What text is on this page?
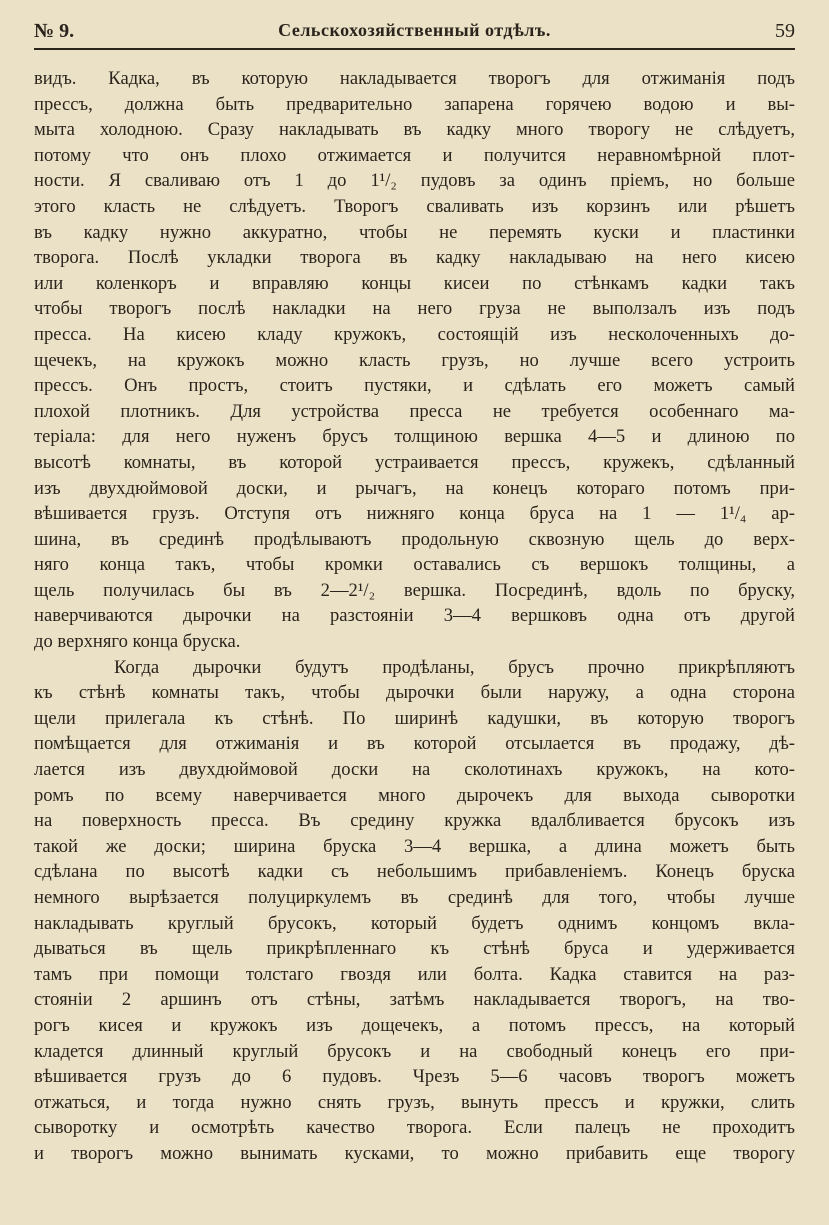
№ 9.	Сельскохозяйственный отдѣлъ.	59
видъ. Кадка, въ которую накладывается творогъ для отжиманія подъ
прессъ, должна быть предварительно запарена горячею водою и вы-
мыта холодною. Сразу накладывать въ кадку много творогу не слѣдуетъ,
потому что онъ плохо отжимается и получится неравномѣрной плот-
ности. Я сваливаю отъ 1 до 1¹/₂ пудовъ за одинъ пріемъ, но больше
этого класть не слѣдуетъ. Творогъ сваливать изъ корзинъ или рѣшетъ
въ кадку нужно аккуратно, чтобы не перемять куски и пластинки
творога. Послѣ укладки творога въ кадку накладываю на него кисею
или коленкоръ и вправляю концы кисеи по стѣнкамъ кадки такъ
чтобы творогъ послѣ накладки на него груза не выползалъ изъ подъ
пресса. На кисею кладу кружокъ, состоящій изъ несколоченныхъ до-
щечекъ, на кружокъ можно класть грузъ, но лучше всего устроить
прессъ. Онъ простъ, стоитъ пустяки, и сдѣлать его можетъ самый
плохой плотникъ. Для устройства пресса не требуется особеннаго ма-
теріала: для него нуженъ брусъ толщиною вершка 4—5 и длиною по
высотѣ комнаты, въ которой устраивается прессъ, кружекъ, сдѣланный
изъ двухдюймовой доски, и рычагъ, на конецъ котораго потомъ при-
вѣшивается грузъ. Отступя отъ нижняго конца бруса на 1 — 1¹/₄ ар-
шина, въ срединѣ продѣлываютъ продольную сквозную щель до верх-
няго конца такъ, чтобы кромки оставались съ вершокъ толщины, а
щель получилась бы въ 2—2¹/₂ вершка. Посрединѣ, вдоль по бруску,
наверчиваются дырочки на разстояніи 3—4 вершковъ одна отъ другой
до верхняго конца бруска.
Когда дырочки будутъ продѣланы, брусъ прочно прикрѣпляютъ
къ стѣнѣ комнаты такъ, чтобы дырочки были наружу, а одна сторона
щели прилегала къ стѣнѣ. По ширинѣ кадушки, въ которую творогъ
помѣщается для отжиманія и въ которой отсылается въ продажу, дѣ-
лается изъ двухдюймовой доски на сколотинахъ кружокъ, на кото-
ромъ по всему наверчивается много дырочекъ для выхода сыворотки
на поверхность пресса. Въ средину кружка вдалбливается брусокъ изъ
такой же доски; ширина бруска 3—4 вершка, а длина можетъ быть
сдѣлана по высотѣ кадки съ небольшимъ прибавленіемъ. Конецъ бруска
немного вырѣзается полуциркулемъ въ срединѣ для того, чтобы лучше
накладывать круглый брусокъ, который будетъ однимъ концомъ вкла-
дываться въ щель прикрѣпленнаго къ стѣнѣ бруса и удерживается
тамъ при помощи толстаго гвоздя или болта. Кадка ставится на раз-
стояніи 2 аршинъ отъ стѣны, затѣмъ накладывается творогъ, на тво-
рогъ кисея и кружокъ изъ дощечекъ, а потомъ прессъ, на который
кладется длинный круглый брусокъ и на свободный конецъ его при-
вѣшивается грузъ до 6 пудовъ. Чрезъ 5—6 часовъ творогъ можетъ
отжаться, и тогда нужно снять грузъ, вынуть прессъ и кружки, слить
сыворотку и осмотрѣть качество творога. Если палецъ не проходитъ
и творогъ можно вынимать кусками, то можно прибавить еще творогу
